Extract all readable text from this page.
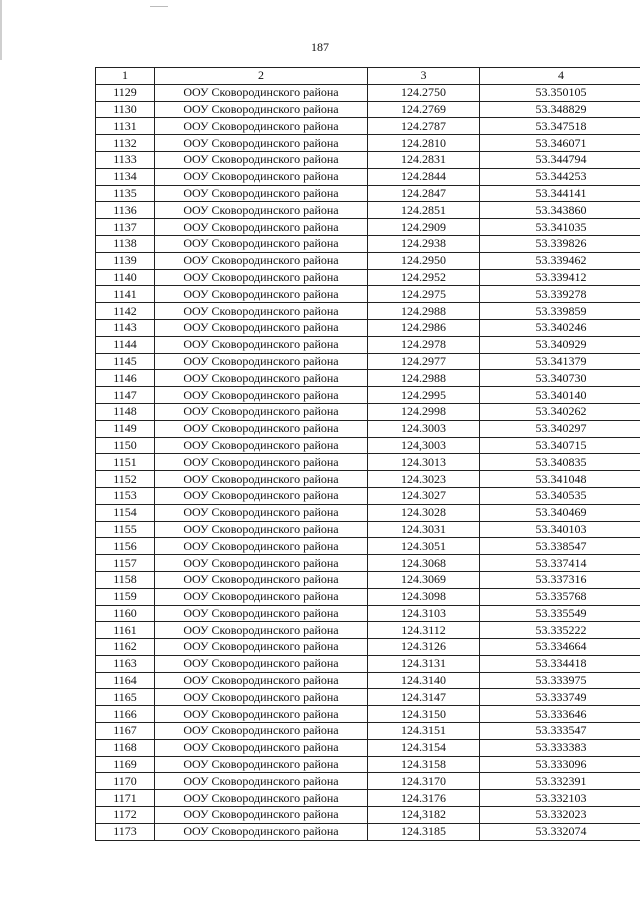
187
1	2	3	4
1129	ООУ Сковородинского района	124.2750	53.350105
1130	ООУ Сковородинского района	124.2769	53.348829
1131	ООУ Сковородинского района	124.2787	53.347518
1132	ООУ Сковородинского района	124.2810	53.346071
1133	ООУ Сковородинского района	124.2831	53.344794
1134	ООУ Сковородинского района	124.2844	53.344253
1135	ООУ Сковородинского района	124.2847	53.344141
1136	ООУ Сковородинского района	124.2851	53.343860
1137	ООУ Сковородинского района	124.2909	53.341035
1138	ООУ Сковородинского района	124.2938	53.339826
1139	ООУ Сковородинского района	124.2950	53.339462
1140	ООУ Сковородинского района	124.2952	53.339412
1141	ООУ Сковородинского района	124.2975	53.339278
1142	ООУ Сковородинского района	124.2988	53.339859
1143	ООУ Сковородинского района	124.2986	53.340246
1144	ООУ Сковородинского района	124.2978	53.340929
1145	ООУ Сковородинского района	124.2977	53.341379
1146	ООУ Сковородинского района	124.2988	53.340730
1147	ООУ Сковородинского района	124.2995	53.340140
1148	ООУ Сковородинского района	124.2998	53.340262
1149	ООУ Сковородинского района	124.3003	53.340297
1150	ООУ Сковородинского района	124,3003	53.340715
1151	ООУ Сковородинского района	124.3013	53.340835
1152	ООУ Сковородинского района	124.3023	53.341048
1153	ООУ Сковородинского района	124.3027	53.340535
1154	ООУ Сковородинского района	124.3028	53.340469
1155	ООУ Сковородинского района	124.3031	53.340103
1156	ООУ Сковородинского района	124.3051	53.338547
1157	ООУ Сковородинского района	124.3068	53.337414
1158	ООУ Сковородинского района	124.3069	53.337316
1159	ООУ Сковородинского района	124.3098	53.335768
1160	ООУ Сковородинского района	124.3103	53.335549
1161	ООУ Сковородинского района	124.3112	53.335222
1162	ООУ Сковородинского района	124.3126	53.334664
1163	ООУ Сковородинского района	124.3131	53.334418
1164	ООУ Сковородинского района	124.3140	53.333975
1165	ООУ Сковородинского района	124.3147	53.333749
1166	ООУ Сковородинского района	124.3150	53.333646
1167	ООУ Сковородинского района	124.3151	53.333547
1168	ООУ Сковородинского района	124.3154	53.333383
1169	ООУ Сковородинского района	124.3158	53.333096
1170	ООУ Сковородинского района	124.3170	53.332391
1171	ООУ Сковородинского района	124.3176	53.332103
1172	ООУ Сковородинского района	124,3182	53.332023
1173	ООУ Сковородинского района	124.3185	53.332074
